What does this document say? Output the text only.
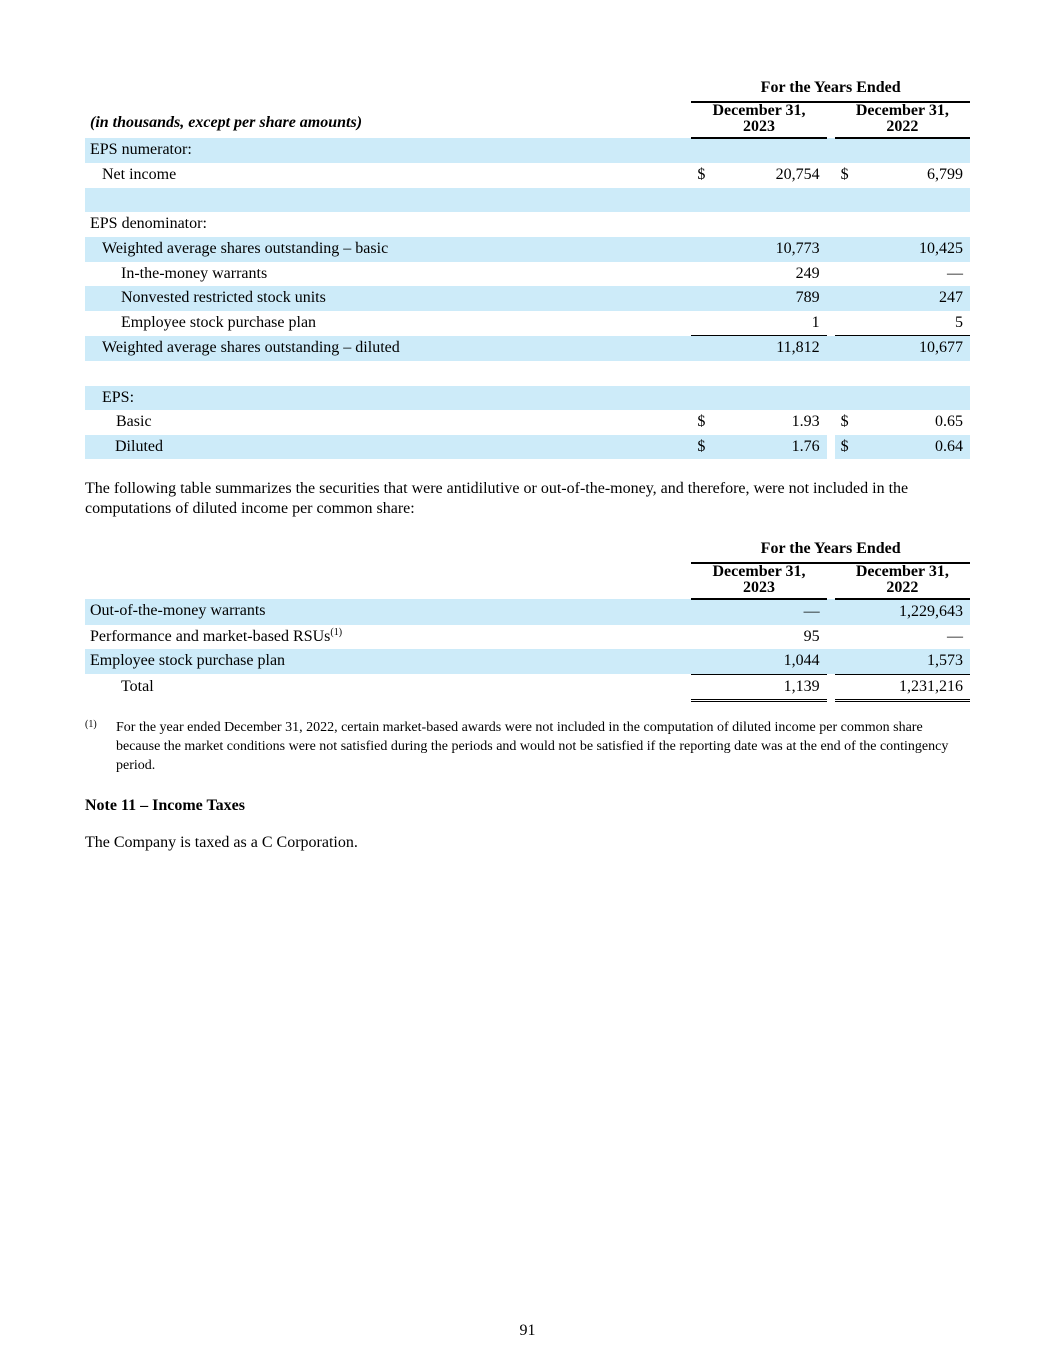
	For the Years Ended				
(in thousands, except per share amounts)	December 31,
2023			December 31,
2022	
EPS numerator:					
Net income	$	20,754		$	6,799

EPS denominator:					
Weighted average shares outstanding – basic		10,773			10,425
In-the-money warrants		249			—
Nonvested restricted stock units		789			247
Employee stock purchase plan		1			5
Weighted average shares outstanding – diluted		11,812			10,677

EPS:					
Basic	$	1.93		$	0.65
Diluted	$	1.76		$	0.64

The following table summarizes the securities that were antidilutive or out-of-the-money, and therefore, were not included in the computations of diluted income per common share:

	For the Years Ended				
	December 31,
2023			December 31,
2022	
Out-of-the-money warrants		—			1,229,643
Performance and market-based RSUs$^{(1)}$		95			—
Employee stock purchase plan		1,044			1,573
Total		1,139			1,231,216
(1)	For the year ended December 31, 2022, certain market-based awards were not included in the computation of diluted income per common share because the market conditions were not satisfied during the periods and would not be satisfied if the reporting date was at the end of the contingency period.
Note 11 – Income Taxes

The Company is taxed as a C Corporation.

91
